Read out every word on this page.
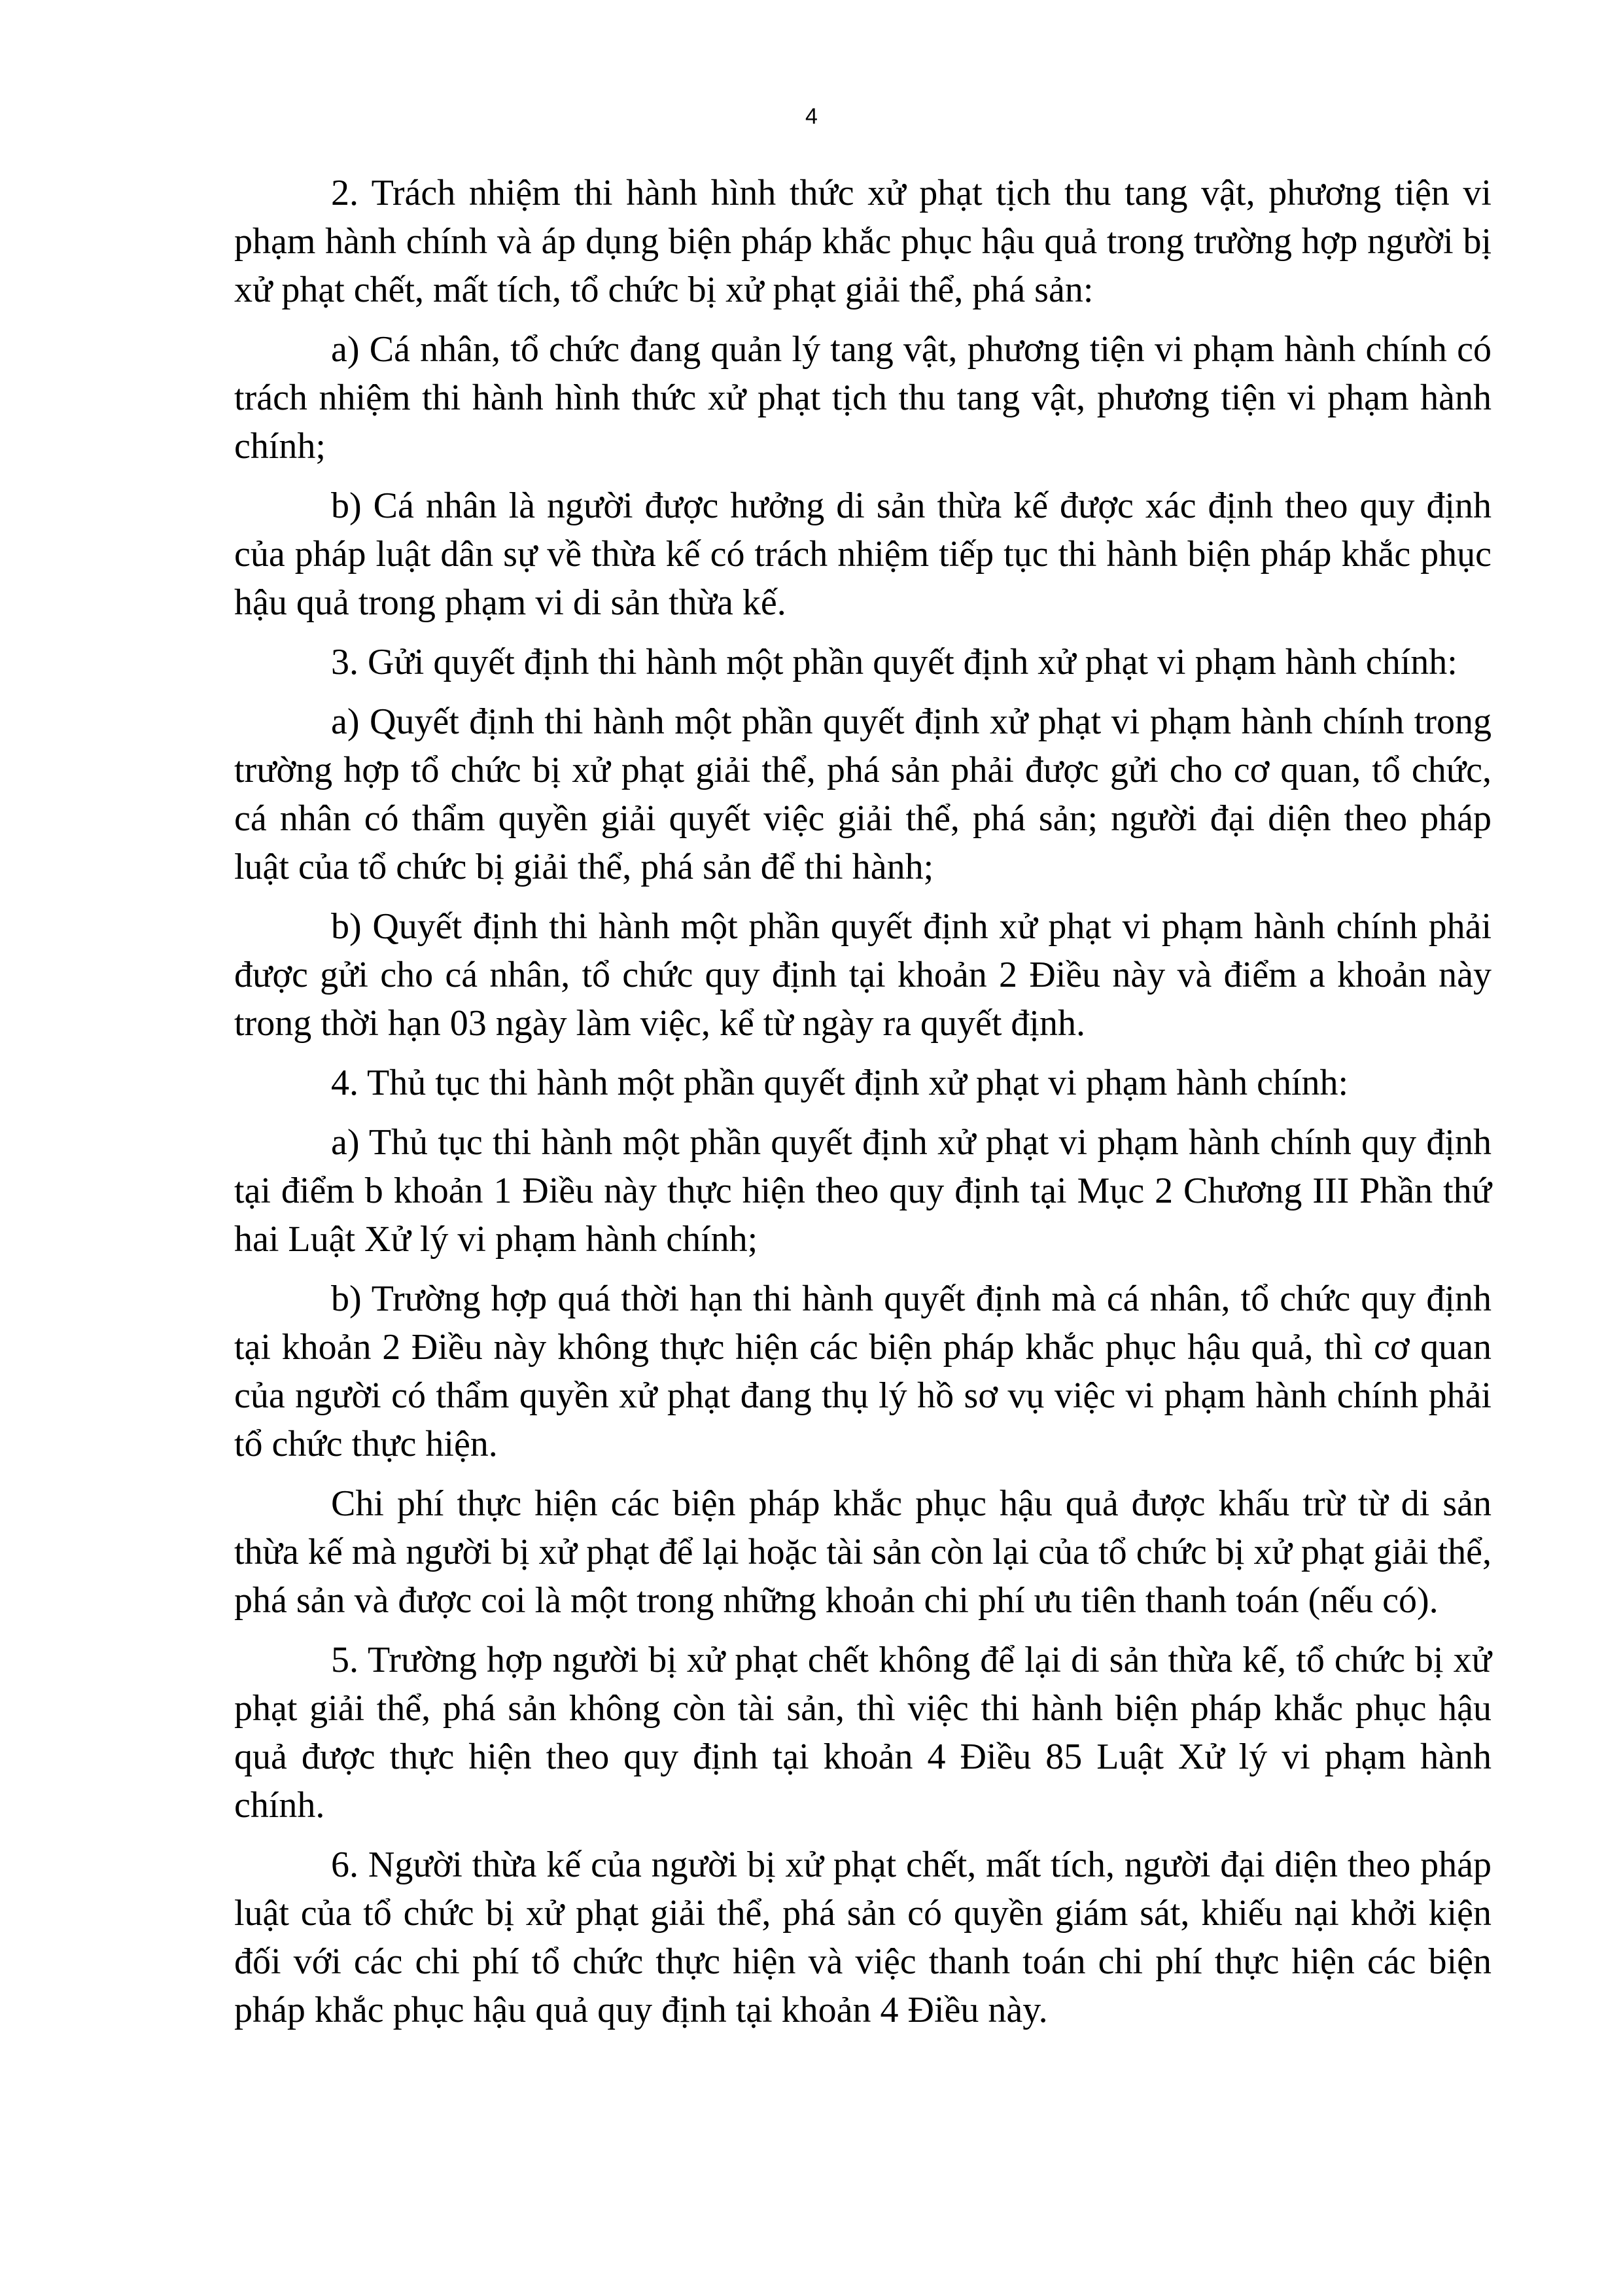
4

2. Trách nhiệm thi hành hình thức xử phạt tịch thu tang vật, phương tiện vi phạm hành chính và áp dụng biện pháp khắc phục hậu quả trong trường hợp người bị xử phạt chết, mất tích, tổ chức bị xử phạt giải thể, phá sản:

a) Cá nhân, tổ chức đang quản lý tang vật, phương tiện vi phạm hành chính có trách nhiệm thi hành hình thức xử phạt tịch thu tang vật, phương tiện vi phạm hành chính;

b) Cá nhân là người được hưởng di sản thừa kế được xác định theo quy định của pháp luật dân sự về thừa kế có trách nhiệm tiếp tục thi hành biện pháp khắc phục hậu quả trong phạm vi di sản thừa kế.

3. Gửi quyết định thi hành một phần quyết định xử phạt vi phạm hành chính:

a) Quyết định thi hành một phần quyết định xử phạt vi phạm hành chính trong trường hợp tổ chức bị xử phạt giải thể, phá sản phải được gửi cho cơ quan, tổ chức, cá nhân có thẩm quyền giải quyết việc giải thể, phá sản; người đại diện theo pháp luật của tổ chức bị giải thể, phá sản để thi hành;

b) Quyết định thi hành một phần quyết định xử phạt vi phạm hành chính phải được gửi cho cá nhân, tổ chức quy định tại khoản 2 Điều này và điểm a khoản này trong thời hạn 03 ngày làm việc, kể từ ngày ra quyết định.

4. Thủ tục thi hành một phần quyết định xử phạt vi phạm hành chính:

a) Thủ tục thi hành một phần quyết định xử phạt vi phạm hành chính quy định tại điểm b khoản 1 Điều này thực hiện theo quy định tại Mục 2 Chương III Phần thứ hai Luật Xử lý vi phạm hành chính;

b) Trường hợp quá thời hạn thi hành quyết định mà cá nhân, tổ chức quy định tại khoản 2 Điều này không thực hiện các biện pháp khắc phục hậu quả, thì cơ quan của người có thẩm quyền xử phạt đang thụ lý hồ sơ vụ việc vi phạm hành chính phải tổ chức thực hiện.

Chi phí thực hiện các biện pháp khắc phục hậu quả được khấu trừ từ di sản thừa kế mà người bị xử phạt để lại hoặc tài sản còn lại của tổ chức bị xử phạt giải thể, phá sản và được coi là một trong những khoản chi phí ưu tiên thanh toán (nếu có).

5. Trường hợp người bị xử phạt chết không để lại di sản thừa kế, tổ chức bị xử phạt giải thể, phá sản không còn tài sản, thì việc thi hành biện pháp khắc phục hậu quả được thực hiện theo quy định tại khoản 4 Điều 85 Luật Xử lý vi phạm hành chính.

6. Người thừa kế của người bị xử phạt chết, mất tích, người đại diện theo pháp luật của tổ chức bị xử phạt giải thể, phá sản có quyền giám sát, khiếu nại khởi kiện đối với các chi phí tổ chức thực hiện và việc thanh toán chi phí thực hiện các biện pháp khắc phục hậu quả quy định tại khoản 4 Điều này.
